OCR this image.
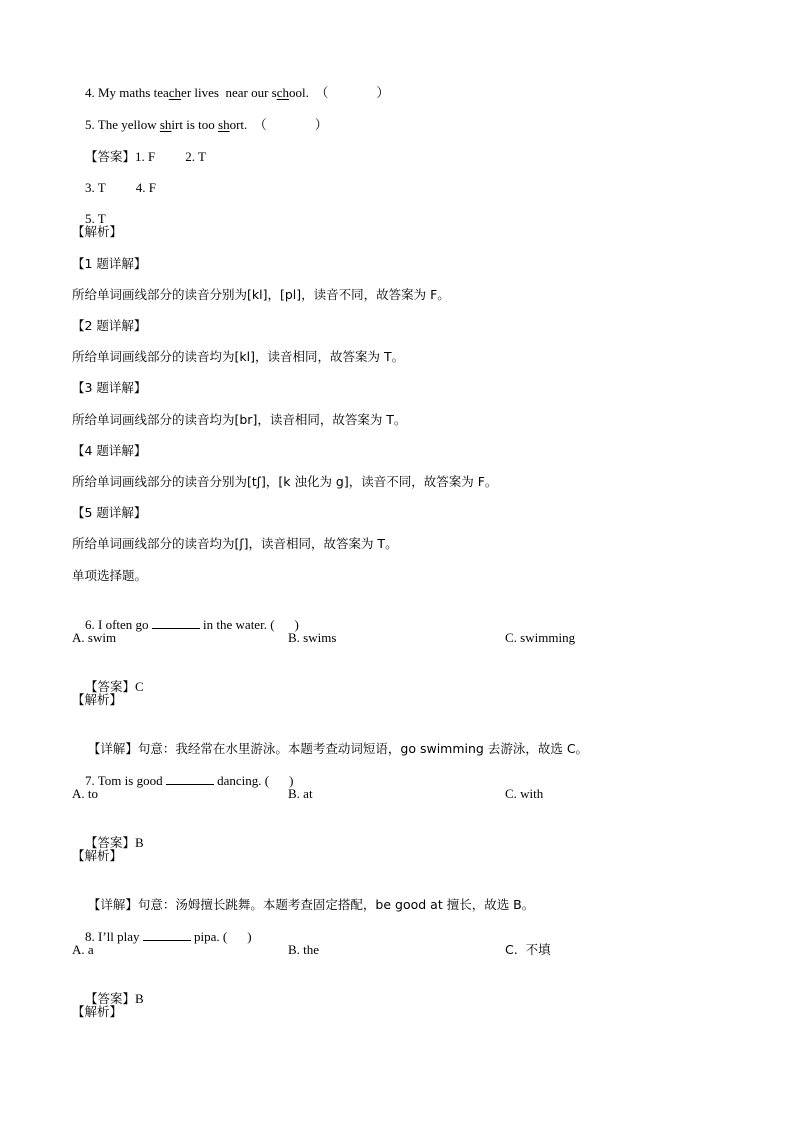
4. My maths teacher lives  near our school.  （	）

5. The yellow shirt is too short.  （	）

【答案】1. F 2. T

3. T 4. F

5. T

【解析】
【1 题详解】
所给单词画线部分的读音分别为[kl]，[pl]，读音不同，故答案为 F。
【2 题详解】
所给单词画线部分的读音均为[kl]，读音相同，故答案为 T。
【3 题详解】
所给单词画线部分的读音均为[br]，读音相同，故答案为 T。
【4 题详解】
所给单词画线部分的读音分别为[tʃ]，[k 浊化为 g]，读音不同，故答案为 F。
【5 题详解】
所给单词画线部分的读音均为[ʃ]，读音相同，故答案为 T。
单项选择题。

6. I often go	in the water. ( )

A. swim	B. swims	C. swimming

【答案】C

【解析】

【详解】句意：我经常在水里游泳。本题考查动词短语，go swimming 去游泳，故选 C。

7. Tom is good	dancing. ( )

A. to	B. at	C. with

【答案】B

【解析】

【详解】句意：汤姆擅长跳舞。本题考查固定搭配，be good at 擅长，故选 B。

8. I’ll play	pipa. ( )

A. a	B. the	C.  不填

【答案】B

【解析】
